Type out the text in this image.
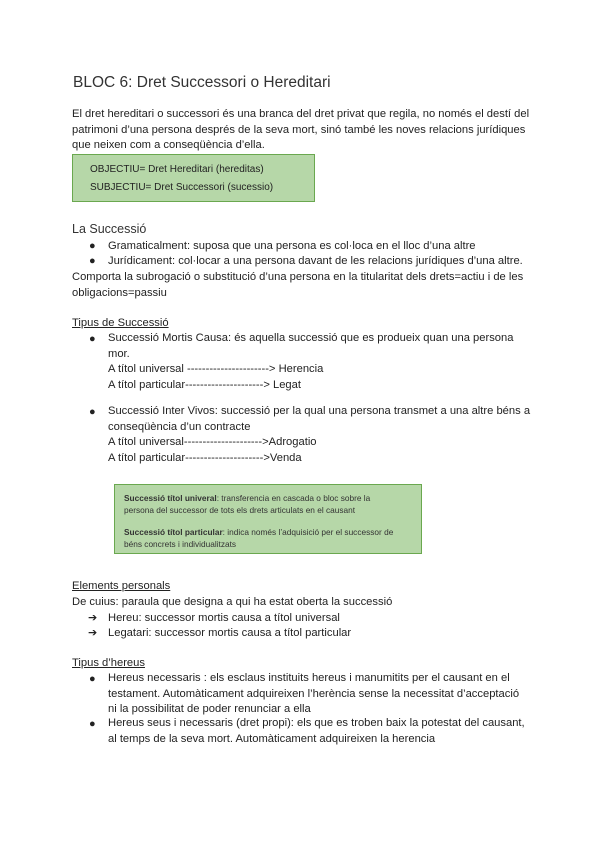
BLOC 6: Dret Successori o Hereditari
El dret hereditari o successori és una branca del dret privat que regila, no només el destí del
patrimoni d’una persona després de la seva mort, sinó també les noves relacions jurídiques
que neixen com a conseqüència d’ella.
OBJECTIU= Dret Hereditari (hereditas)
SUBJECTIU= Dret Successori (sucessio)
La Successió
● Gramaticalment: suposa que una persona es col·loca en el lloc d’una altre
● Jurídicament: col·locar a una persona davant de les relacions jurídiques d’una altre.
Comporta la subrogació o substitució d’una persona en la titularitat dels drets=actiu i de les
obligacions=passiu
Tipus de Successió
● Successió Mortis Causa: és aquella successió que es produeix quan una persona
mor.
A títol universal ----------------------> Herencia
A títol particular---------------------> Legat
● Successió Inter Vivos: successió per la qual una persona transmet a una altre béns a
conseqüència d’un contracte
A títol universal--------------------->Adrogatio
A títol particular--------------------->Venda
Successió títol univeral: transferencia en cascada o bloc sobre la
persona del successor de tots els drets articulats en el causant
Successió títol particular: indica només l’adquisició per el successor de
béns concrets i individualitzats
Elements personals
De cuius: paraula que designa a qui ha estat oberta la successió
➔ Hereu: successor mortis causa a títol universal
➔ Legatari: successor mortis causa a títol particular
Tipus d’hereus
● Hereus necessaris : els esclaus instituits hereus i manumitits per el causant en el
testament. Automàticament adquireixen l’herència sense la necessitat d’acceptació
ni la possibilitat de poder renunciar a ella
● Hereus seus i necessaris (dret propi): els que es troben baix la potestat del causant,
al temps de la seva mort. Automàticament adquireixen la herencia
